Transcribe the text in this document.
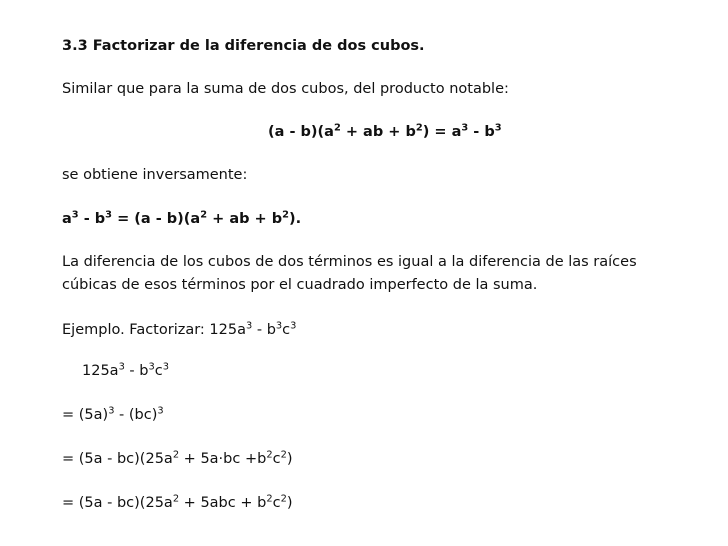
3.3 Factorizar de la diferencia de dos cubos.
Similar que para la suma de dos cubos, del producto notable:
$(a - b)(a^2$ + ab + $b^2) = a^3 - b^3$
se obtiene inversamente:
$a^3 - b^3 = (a - b)(a^2$ + ab + $b^2$).
La diferencia de los cubos de dos términos es igual a la diferencia de las raíces
cúbicas de esos términos por el cuadrado imperfecto de la suma.
Ejemplo. Factorizar: $125a^3 - b^3c^3$
$125a^3 - b^3c^3$
= $(5a)^3 - (bc)^3$
= $(5a - bc)(25a^2 + 5a\cdot bc +b^2c^2)$
= $(5a - bc)(25a^2 + 5abc + b^2c^2)$
